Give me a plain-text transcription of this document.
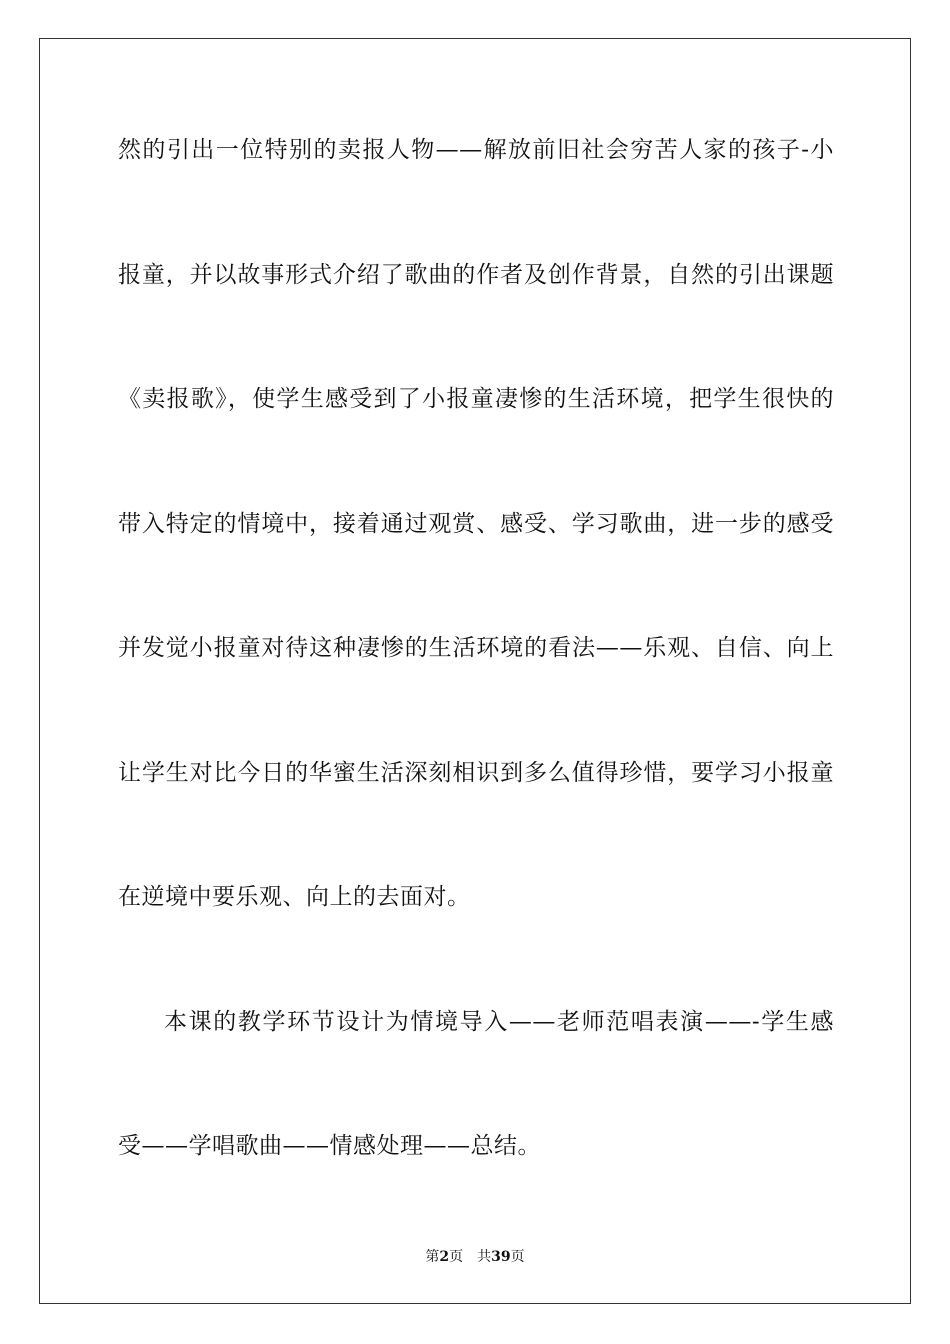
然的引出一位特别的卖报人物——解放前旧社会穷苦人家的孩子-小
报童，并以故事形式介绍了歌曲的作者及创作背景，自然的引出课题
《卖报歌》，使学生感受到了小报童凄惨的生活环境，把学生很快的
带入特定的情境中，接着通过观赏、感受、学习歌曲，进一步的感受
并发觉小报童对待这种凄惨的生活环境的看法——乐观、自信、向上
让学生对比今日的华蜜生活深刻相识到多么值得珍惜，要学习小报童
在逆境中要乐观、向上的去面对。
本课的教学环节设计为情境导入——老师范唱表演——-学生感
受——学唱歌曲——情感处理——总结。
第2页 共39页
